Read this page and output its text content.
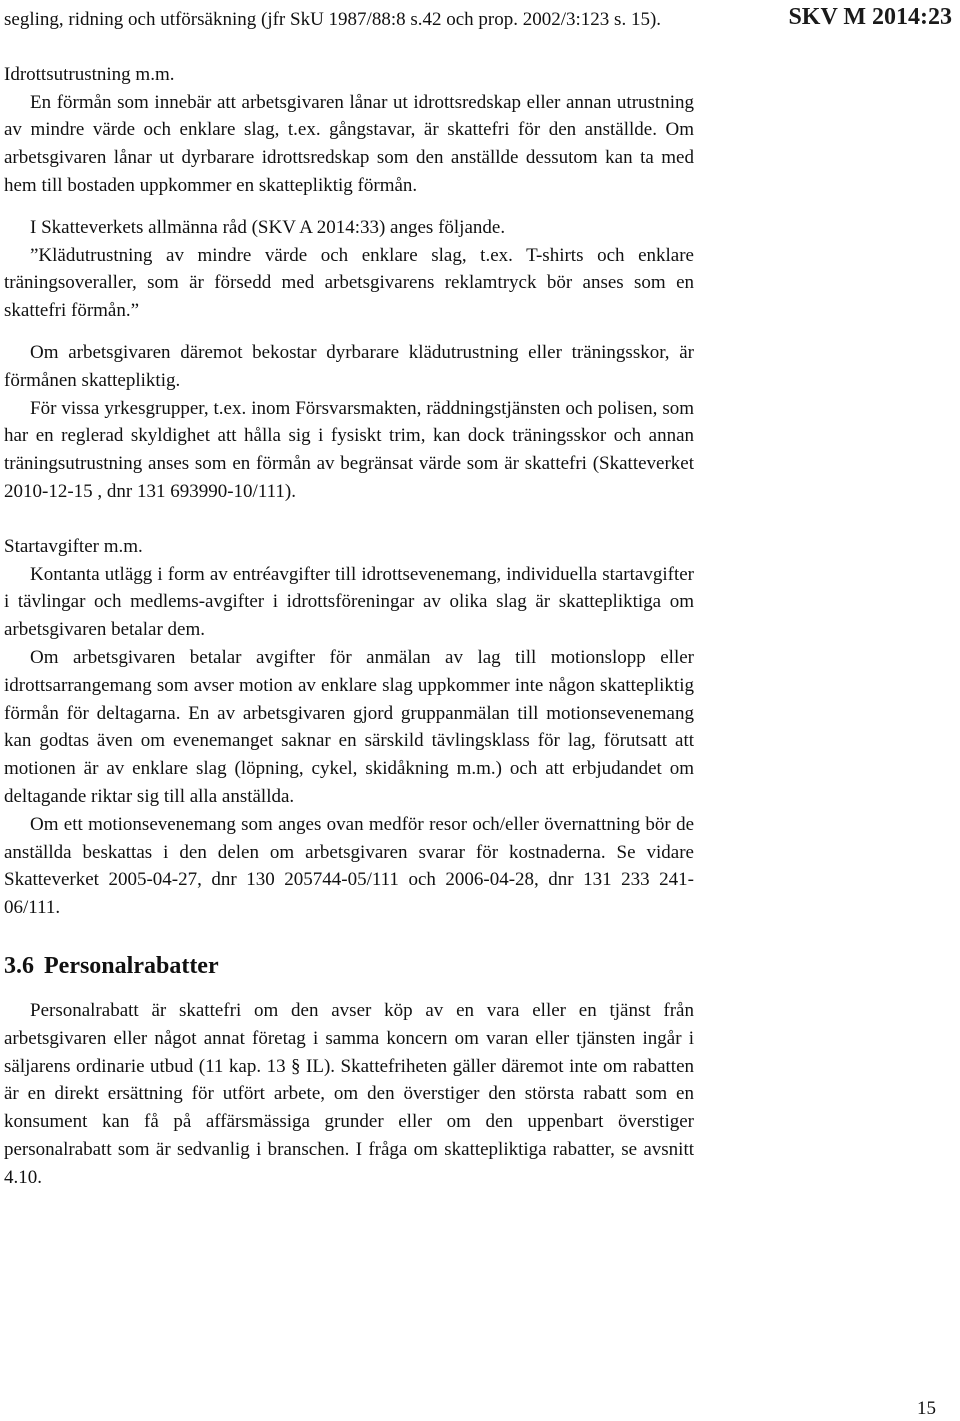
SKV M 2014:23

segling, ridning och utförsäkning (jfr SkU 1987/88:8 s.42 och prop. 2002/3:123 s. 15).

Idrottsutrustning m.m.

En förmån som innebär att arbetsgivaren lånar ut idrottsredskap eller annan utrustning av mindre värde och enklare slag, t.ex. gångstavar, är skattefri för den anställde. Om arbetsgivaren lånar ut dyrbarare idrottsredskap som den anställde dessutom kan ta med hem till bostaden uppkommer en skattepliktig förmån.

I Skatteverkets allmänna råd (SKV A 2014:33) anges följande.

”Klädutrustning av mindre värde och enklare slag, t.ex. T-shirts och enklare träningsoveraller, som är försedd med arbetsgivarens reklamtryck bör anses som en skattefri förmån.”

Om arbetsgivaren däremot bekostar dyrbarare klädutrustning eller träningsskor, är förmånen skattepliktig.

För vissa yrkesgrupper, t.ex. inom Försvarsmakten, räddningstjänsten och polisen, som har en reglerad skyldighet att hålla sig i fysiskt trim, kan dock träningsskor och annan träningsutrustning anses som en förmån av begränsat värde som är skattefri (Skatteverket 2010-12-15 , dnr 131 693990-10/111).

Startavgifter m.m.

Kontanta utlägg i form av entréavgifter till idrottsevenemang, individuella startavgifter i tävlingar och medlems-avgifter i idrottsföreningar av olika slag är skattepliktiga om arbetsgivaren betalar dem.

Om arbetsgivaren betalar avgifter för anmälan av lag till motionslopp eller idrottsarrangemang som avser motion av enklare slag uppkommer inte någon skattepliktig förmån för deltagarna. En av arbetsgivaren gjord gruppanmälan till motionsevenemang kan godtas även om evenemanget saknar en särskild tävlingsklass för lag, förutsatt att motionen är av enklare slag (löpning, cykel, skidåkning m.m.) och att erbjudandet om deltagande riktar sig till alla anställda.

Om ett motionsevenemang som anges ovan medför resor och/eller övernattning bör de anställda beskattas i den delen om arbetsgivaren svarar för kostnaderna. Se vidare Skatteverket 2005-04-27, dnr 130 205744-05/111 och 2006-04-28, dnr 131 233 241-06/111.

3.6 Personalrabatter

Personalrabatt är skattefri om den avser köp av en vara eller en tjänst från arbetsgivaren eller något annat företag i samma koncern om varan eller tjänsten ingår i säljarens ordinarie utbud (11 kap. 13 § IL). Skattefriheten gäller däremot inte om rabatten är en direkt ersättning för utfört arbete, om den överstiger den största rabatt som en konsument kan få på affärsmässiga grunder eller om den uppenbart överstiger personalrabatt som är sedvanlig i branschen. I fråga om skattepliktiga rabatter, se avsnitt 4.10.

15
